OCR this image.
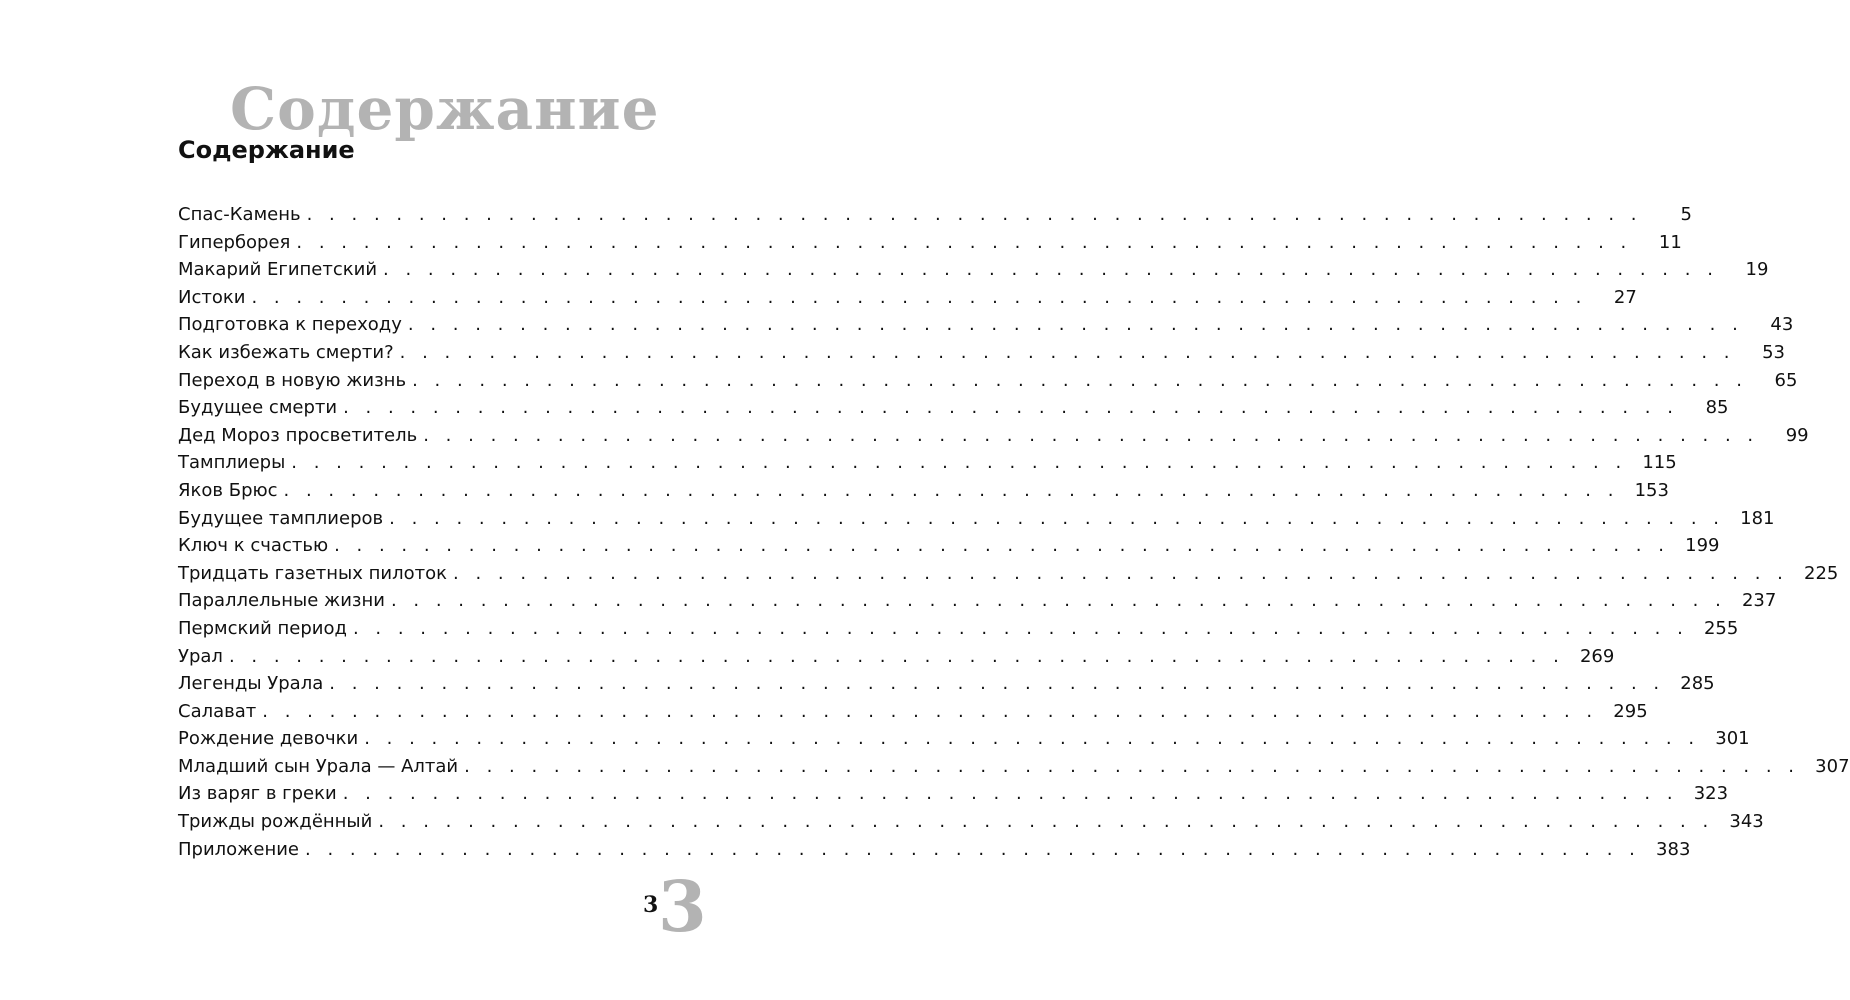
Содержание
Содержание
Спас-Камень . . . . . . . . . . . . . . . . . . . . . . . . . . . . . . . . . . . . . . . . . . . . . . . . . . . . . . . . . . . .	5
Гиперборея . . . . . . . . . . . . . . . . . . . . . . . . . . . . . . . . . . . . . . . . . . . . . . . . . . . . . . . . . . . .	11
Макарий Египетский . . . . . . . . . . . . . . . . . . . . . . . . . . . . . . . . . . . . . . . . . . . . . . . . . . . . . . . . . . . .	19
Истоки . . . . . . . . . . . . . . . . . . . . . . . . . . . . . . . . . . . . . . . . . . . . . . . . . . . . . . . . . . . .	27
Подготовка к переходу . . . . . . . . . . . . . . . . . . . . . . . . . . . . . . . . . . . . . . . . . . . . . . . . . . . . . . . . . . . .	43
Как избежать смерти? . . . . . . . . . . . . . . . . . . . . . . . . . . . . . . . . . . . . . . . . . . . . . . . . . . . . . . . . . . . .	53
Переход в новую жизнь . . . . . . . . . . . . . . . . . . . . . . . . . . . . . . . . . . . . . . . . . . . . . . . . . . . . . . . . . . . .	65
Будущее смерти . . . . . . . . . . . . . . . . . . . . . . . . . . . . . . . . . . . . . . . . . . . . . . . . . . . . . . . . . . . .	85
Дед Мороз просветитель . . . . . . . . . . . . . . . . . . . . . . . . . . . . . . . . . . . . . . . . . . . . . . . . . . . . . . . . . . . .	99
Тамплиеры . . . . . . . . . . . . . . . . . . . . . . . . . . . . . . . . . . . . . . . . . . . . . . . . . . . . . . . . . . . . 115
Яков Брюс . . . . . . . . . . . . . . . . . . . . . . . . . . . . . . . . . . . . . . . . . . . . . . . . . . . . . . . . . . . . 153
Будущее тамплиеров . . . . . . . . . . . . . . . . . . . . . . . . . . . . . . . . . . . . . . . . . . . . . . . . . . . . . . . . . . . . 181
Ключ к счастью . . . . . . . . . . . . . . . . . . . . . . . . . . . . . . . . . . . . . . . . . . . . . . . . . . . . . . . . . . . . 199
Тридцать газетных пилоток . . . . . . . . . . . . . . . . . . . . . . . . . . . . . . . . . . . . . . . . . . . . . . . . . . . . . . . . . . . . 225
Параллельные жизни . . . . . . . . . . . . . . . . . . . . . . . . . . . . . . . . . . . . . . . . . . . . . . . . . . . . . . . . . . . . 237
Пермский период . . . . . . . . . . . . . . . . . . . . . . . . . . . . . . . . . . . . . . . . . . . . . . . . . . . . . . . . . . . . 255
Урал . . . . . . . . . . . . . . . . . . . . . . . . . . . . . . . . . . . . . . . . . . . . . . . . . . . . . . . . . . . . 269
Легенды Урала . . . . . . . . . . . . . . . . . . . . . . . . . . . . . . . . . . . . . . . . . . . . . . . . . . . . . . . . . . . . 285
Салават . . . . . . . . . . . . . . . . . . . . . . . . . . . . . . . . . . . . . . . . . . . . . . . . . . . . . . . . . . . . 295
Рождение девочки . . . . . . . . . . . . . . . . . . . . . . . . . . . . . . . . . . . . . . . . . . . . . . . . . . . . . . . . . . . . 301
Младший сын Урала — Алтай . . . . . . . . . . . . . . . . . . . . . . . . . . . . . . . . . . . . . . . . . . . . . . . . . . . . . . . . . . . . 307
Из варяг в греки . . . . . . . . . . . . . . . . . . . . . . . . . . . . . . . . . . . . . . . . . . . . . . . . . . . . . . . . . . . . 323
Трижды рождённый . . . . . . . . . . . . . . . . . . . . . . . . . . . . . . . . . . . . . . . . . . . . . . . . . . . . . . . . . . . . 343
Приложение . . . . . . . . . . . . . . . . . . . . . . . . . . . . . . . . . . . . . . . . . . . . . . . . . . . . . . . . . . . . 383
3 3
